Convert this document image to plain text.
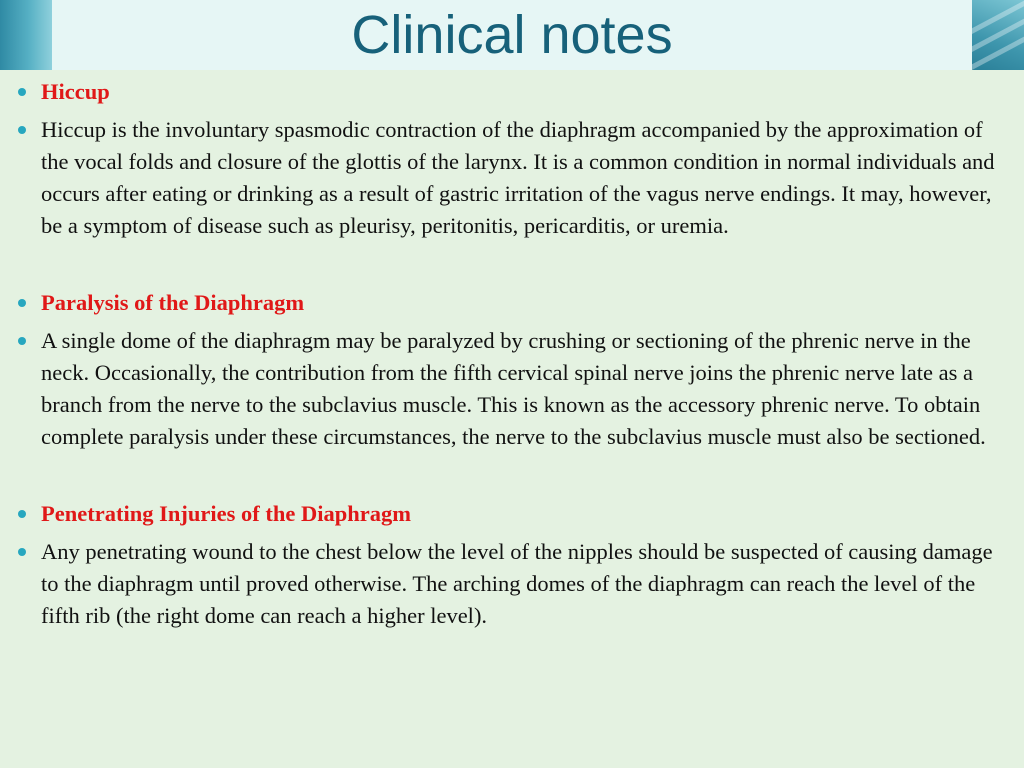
Clinical notes
Hiccup
Hiccup is the involuntary spasmodic contraction of the diaphragm accompanied by the approximation of the vocal folds and closure of the glottis of the larynx. It is a common condition in normal individuals and occurs after eating or drinking as a result of gastric irritation of the vagus nerve endings. It may, however, be a symptom of disease such as pleurisy, peritonitis, pericarditis, or uremia.
Paralysis of the Diaphragm
A single dome of the diaphragm may be paralyzed by crushing or sectioning of the phrenic nerve in the neck. Occasionally, the contribution from the fifth cervical spinal nerve joins the phrenic nerve late as a branch from the nerve to the subclavius muscle. This is known as the accessory phrenic nerve. To obtain complete paralysis under these circumstances, the nerve to the subclavius muscle must also be sectioned.
Penetrating Injuries of the Diaphragm
Any penetrating wound to the chest below the level of the nipples should be suspected of causing damage to the diaphragm until proved otherwise. The arching domes of the diaphragm can reach the level of the fifth rib (the right dome can reach a higher level).
